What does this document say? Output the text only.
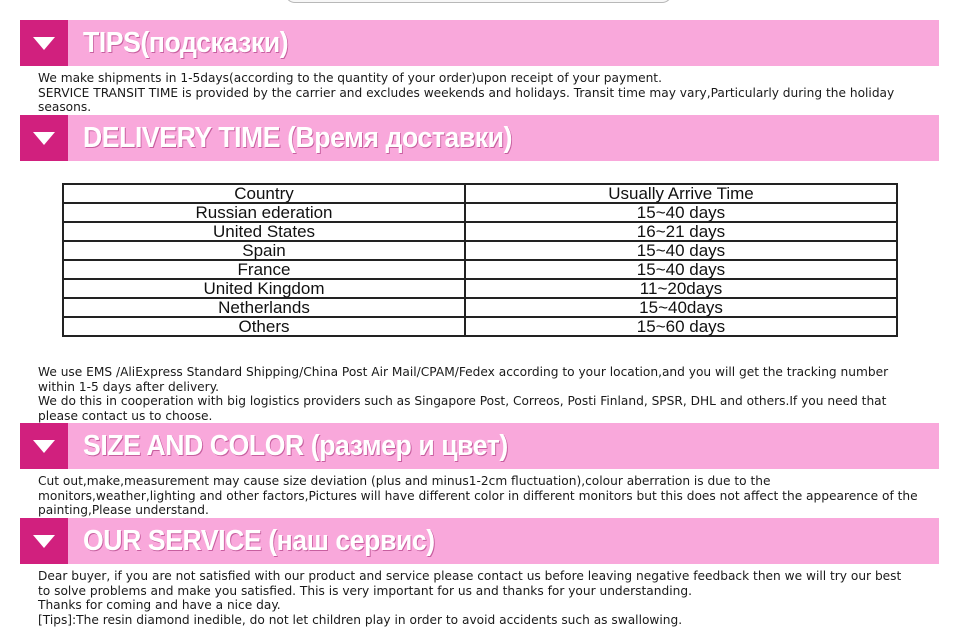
TIPS(подсказки)

We make shipments in 1-5days(according to the quantity of your order)upon receipt of your payment.

SERVICE TRANSIT TIME is provided by the carrier and excludes weekends and holidays. Transit time may vary,Particularly during the holiday seasons.

DELIVERY TIME (Время доставки)
Country	Usually Arrive Time
Russian ederation	15~40 days
United States	16~21 days
Spain	15~40 days
France	15~40 days
United Kingdom	11~20days
Netherlands	15~40days
Others	15~60 days

We use EMS /AliExpress Standard Shipping/China Post Air Mail/CPAM/Fedex according to your location,and you will get the tracking number within 1-5 days after delivery.

We do this in cooperation with big logistics providers such as Singapore Post, Correos, Posti Finland, SPSR, DHL and others.If you need that please contact us to choose.

SIZE AND COLOR (размер и цвет)

Cut out,make,measurement may cause size deviation (plus and minus1-2cm fluctuation),colour aberration is due to the monitors,weather,lighting and other factors,Pictures will have different color in different monitors but this does not affect the appearence of the painting,Please understand.

OUR SERVICE (наш сервис)

Dear buyer, if you are not satisfied with our product and service please contact us before leaving negative feedback then we will try our best to solve problems and make you satisfied. This is very important for us and thanks for your understanding.

Thanks for coming and have a nice day.

[Tips]:The resin diamond inedible, do not let children play in order to avoid accidents such as swallowing.
